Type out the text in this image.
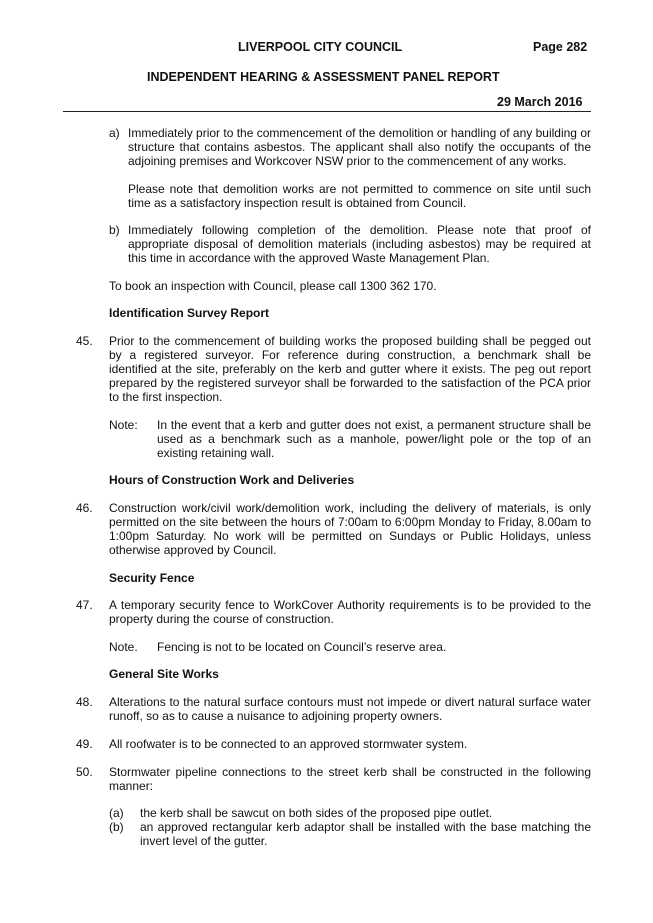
LIVERPOOL CITY COUNCIL	Page 282
INDEPENDENT HEARING & ASSESSMENT PANEL REPORT
29 March 2016
a) Immediately prior to the commencement of the demolition or handling of any building or structure that contains asbestos. The applicant shall also notify the occupants of the adjoining premises and Workcover NSW prior to the commencement of any works.
Please note that demolition works are not permitted to commence on site until such time as a satisfactory inspection result is obtained from Council.
b) Immediately following completion of the demolition. Please note that proof of appropriate disposal of demolition materials (including asbestos) may be required at this time in accordance with the approved Waste Management Plan.
To book an inspection with Council, please call 1300 362 170.
Identification Survey Report
45. Prior to the commencement of building works the proposed building shall be pegged out by a registered surveyor. For reference during construction, a benchmark shall be identified at the site, preferably on the kerb and gutter where it exists. The peg out report prepared by the registered surveyor shall be forwarded to the satisfaction of the PCA prior to the first inspection.
Note: In the event that a kerb and gutter does not exist, a permanent structure shall be used as a benchmark such as a manhole, power/light pole or the top of an existing retaining wall.
Hours of Construction Work and Deliveries
46. Construction work/civil work/demolition work, including the delivery of materials, is only permitted on the site between the hours of 7:00am to 6:00pm Monday to Friday, 8.00am to 1:00pm Saturday. No work will be permitted on Sundays or Public Holidays, unless otherwise approved by Council.
Security Fence
47. A temporary security fence to WorkCover Authority requirements is to be provided to the property during the course of construction.
Note. Fencing is not to be located on Council’s reserve area.
General Site Works
48. Alterations to the natural surface contours must not impede or divert natural surface water runoff, so as to cause a nuisance to adjoining property owners.
49. All roofwater is to be connected to an approved stormwater system.
50. Stormwater pipeline connections to the street kerb shall be constructed in the following manner:
(a) the kerb shall be sawcut on both sides of the proposed pipe outlet.
(b) an approved rectangular kerb adaptor shall be installed with the base matching the invert level of the gutter.
